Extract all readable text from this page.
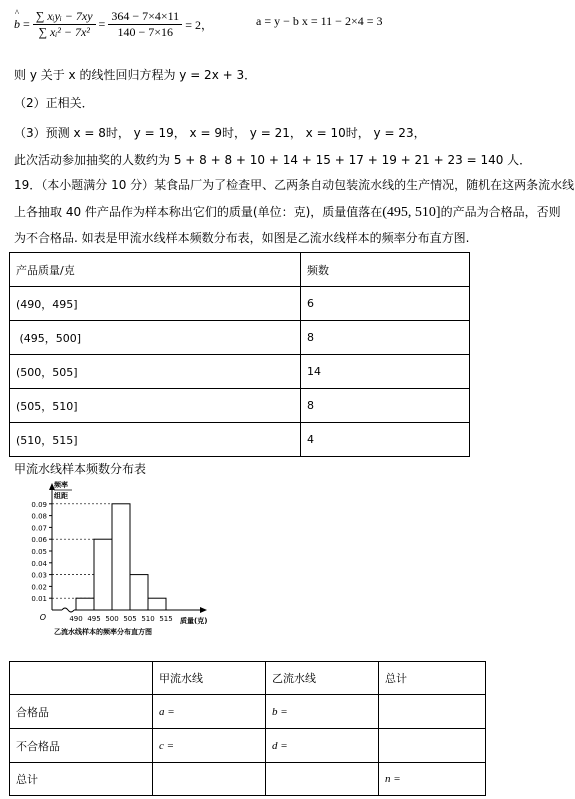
^ $b = \frac{\text{∑ xᵢyᵢ − 7xy}}{\text{∑ xᵢ² − 7x²}} = \frac{364 - 7\times 4\times 11}{140 - 7\times 16} = 2$，	a = y − b x = 11 − 2×4 = 3
则 y 关于 x 的线性回归方程为 y = 2x + 3．
（2）正相关．
（3）预测 x = 8时， y = 19， x = 9时， y = 21， x = 10时， y = 23，
此次活动参加抽奖的人数约为 5 + 8 + 8 + 10 + 14 + 15 + 17 + 19 + 21 + 23 = 140 人．
19．（本小题满分 10 分）某食品厂为了检查甲、乙两条自动包装流水线的生产情况，随机在这两条流水线
上各抽取 40 件产品作为样本称出它们的质量(单位：克)，质量值落在(495, 510]的产品为合格品，否则
为不合格品. 如表是甲流水线样本频数分布表，如图是乙流水线样本的频率分布直方图.
产品质量/克	频数
(490，495]	6
(495，500]	8
(500，505]	14
(505，510]	8
(510，515]	4
甲流水线样本频数分布表
0.09
0.08
0.07
0.06
0.05
0.04
0.03
0.02
0.01
490 495 500 505 510 515
O
频率
组距
质量(克)
乙流水线样本的频率分布直方图
	甲流水线	乙流水线	总计
合格品	a =	b =	
不合格品	c =	d =	
总计			n =
